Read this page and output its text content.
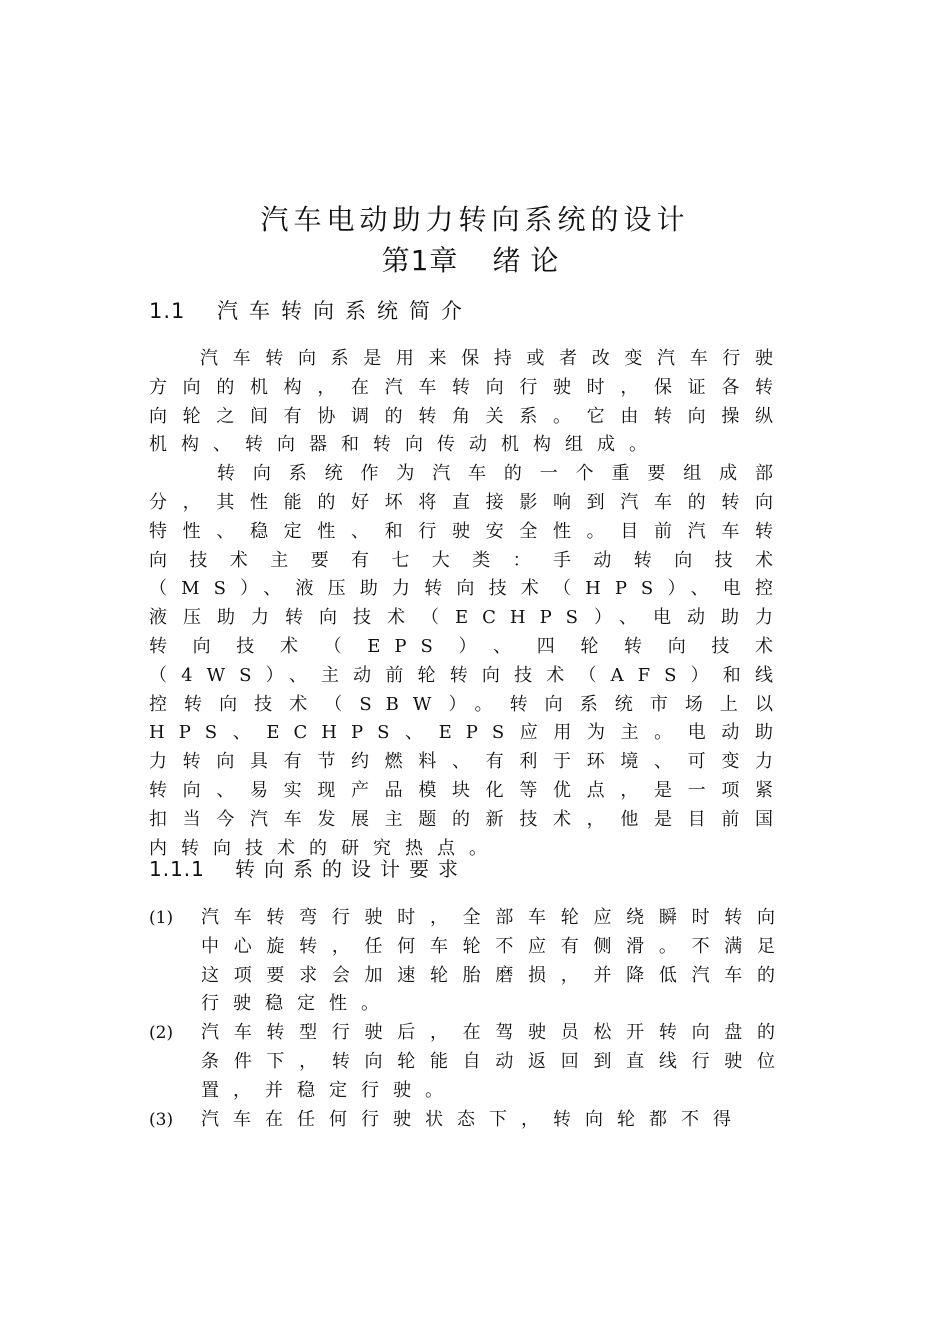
汽车电动助力转向系统的设计
第1章 绪论
1.1 汽车转向系统简介

汽车转向系是用来保持或者改变汽车行驶方向的机构，在汽车转向行驶时，保证各转向轮之间有协调的转角关系。它由转向操纵机构、转向器和转向传动机构组成。

转向系统作为汽车的一个重要组成部分，其性能的好坏将直接影响到汽车的转向特性、稳定性、和行驶安全性。目前汽车转向技术主要有七大类：手动转向技术（MS）、液压助力转向技术（HPS）、电控液压助力转向技术（ECHPS）、电动助力转向技术（EPS）、四轮转向技术（4WS）、主动前轮转向技术（AFS）和线控转向技术（SBW）。转向系统市场上以HPS、ECHPS、EPS应用为主。电动助力转向具有节约燃料、有利于环境、可变力转向、易实现产品模块化等优点，是一项紧扣当今汽车发展主题的新技术，他是目前国内转向技术的研究热点。

1.1.1 转向系的设计要求
(1) 汽车转弯行驶时，全部车轮应绕瞬时转向中心旋转，任何车轮不应有侧滑。不满足这项要求会加速轮胎磨损，并降低汽车的行驶稳定性。
(2) 汽车转型行驶后，在驾驶员松开转向盘的条件下，转向轮能自动返回到直线行驶位置，并稳定行驶。
(3) 汽车在任何行驶状态下，转向轮都不得
